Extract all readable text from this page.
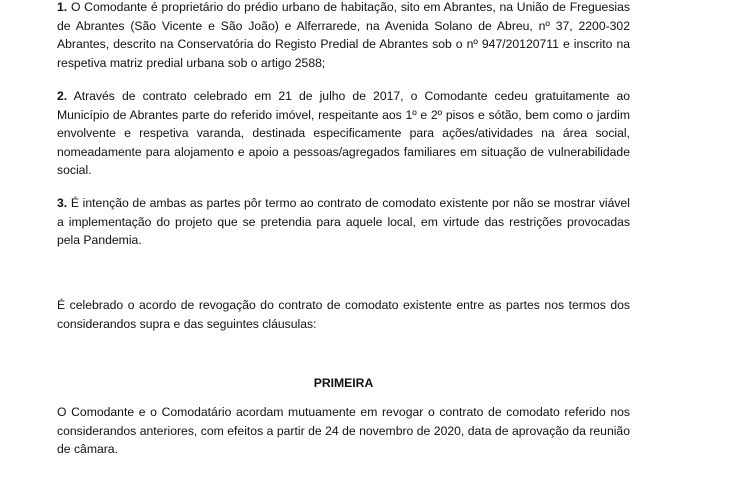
1. O Comodante é proprietário do prédio urbano de habitação, sito em Abrantes, na União de Freguesias de Abrantes (São Vicente e São João) e Alferrarede, na Avenida Solano de Abreu, nº 37, 2200-302 Abrantes, descrito na Conservatória do Registo Predial de Abrantes sob o nº 947/20120711 e inscrito na respetiva matriz predial urbana sob o artigo 2588;

2. Através de contrato celebrado em 21 de julho de 2017, o Comodante cedeu gratuitamente ao Município de Abrantes parte do referido imóvel, respeitante aos 1º e 2º pisos e sótão, bem como o jardim envolvente e respetiva varanda, destinada especificamente para ações/atividades na área social, nomeadamente para alojamento e apoio a pessoas/agregados familiares em situação de vulnerabilidade social.

3. É intenção de ambas as partes pôr termo ao contrato de comodato existente por não se mostrar viável a implementação do projeto que se pretendia para aquele local, em virtude das restrições provocadas pela Pandemia.

É celebrado o acordo de revogação do contrato de comodato existente entre as partes nos termos dos considerandos supra e das seguintes cláusulas:

PRIMEIRA

O Comodante e o Comodatário acordam mutuamente em revogar o contrato de comodato referido nos considerandos anteriores, com efeitos a partir de 24 de novembro de 2020, data de aprovação da reunião de câmara.
